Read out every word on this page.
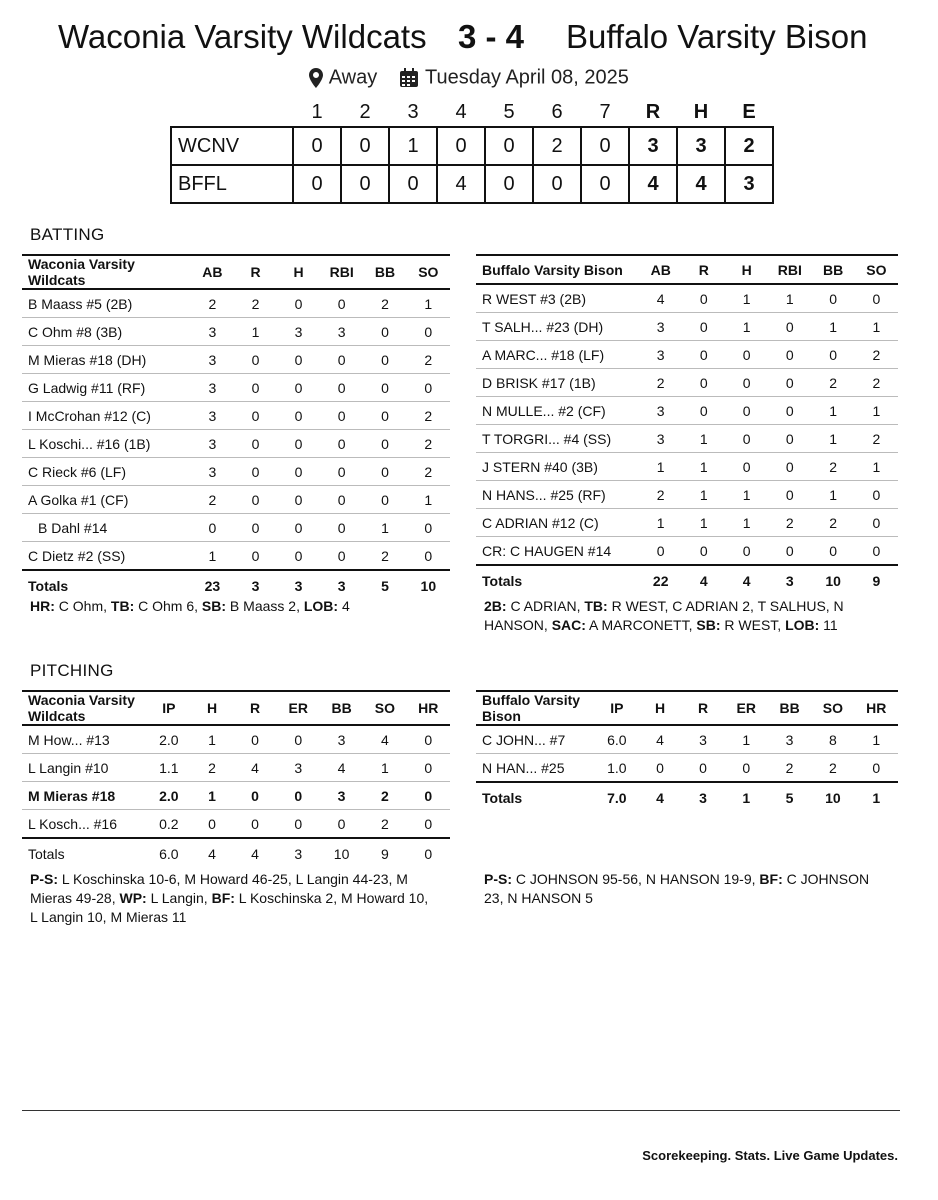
Waconia Varsity Wildcats 3 - 4 Buffalo Varsity Bison
Away Tuesday April 08, 2025
	1	2	3	4	5	6	7	R	H	E
WCNV	0	0	1	0	0	2	0	3	3	2
BFFL	0	0	0	4	0	0	0	4	4	3
BATTING
Waconia Varsity Wildcats	AB	R	H	RBI	BB	SO
B Maass #5 (2B)	2	2	0	0	2	1
C Ohm #8 (3B)	3	1	3	3	0	0
M Mieras #18 (DH)	3	0	0	0	0	2
G Ladwig #11 (RF)	3	0	0	0	0	0
I McCrohan #12 (C)	3	0	0	0	0	2
L Koschi... #16 (1B)	3	0	0	0	0	2
C Rieck #6 (LF)	3	0	0	0	0	2
A Golka #1 (CF)	2	0	0	0	0	1
B Dahl #14	0	0	0	0	1	0
C Dietz #2 (SS)	1	0	0	0	2	0
Totals	23	3	3	3	5	10
Buffalo Varsity Bison	AB	R	H	RBI	BB	SO
R WEST #3 (2B)	4	0	1	1	0	0
T SALH... #23 (DH)	3	0	1	0	1	1
A MARC... #18 (LF)	3	0	0	0	0	2
D BRISK #17 (1B)	2	0	0	0	2	2
N MULLE... #2 (CF)	3	0	0	0	1	1
T TORGRI... #4 (SS)	3	1	0	0	1	2
J STERN #40 (3B)	1	1	0	0	2	1
N HANS... #25 (RF)	2	1	1	0	1	0
C ADRIAN #12 (C)	1	1	1	2	2	0
CR: C HAUGEN #14	0	0	0	0	0	0
Totals	22	4	4	3	10	9
HR: C Ohm, TB: C Ohm 6, SB: B Maass 2, LOB: 4	2B: C ADRIAN, TB: R WEST, C ADRIAN 2, T SALHUS, N HANSON, SAC: A MARCONETT, SB: R WEST, LOB: 11
PITCHING
Waconia Varsity Wildcats	IP	H	R	ER	BB	SO	HR
M How... #13	2.0	1	0	0	3	4	0
L Langin #10	1.1	2	4	3	4	1	0
M Mieras #18	2.0	1	0	0	3	2	0
L Kosch... #16	0.2	0	0	0	0	2	0
Totals	6.0	4	4	3	10	9	0
Buffalo Varsity Bison	IP	H	R	ER	BB	SO	HR
C JOHN... #7	6.0	4	3	1	3	8	1
N HAN... #25	1.0	0	0	0	2	2	0
Totals	7.0	4	3	1	5	10	1
P-S: L Koschinska 10-6, M Howard 46-25, L Langin 44-23, M Mieras 49-28, WP: L Langin, BF: L Koschinska 2, M Howard 10, L Langin 10, M Mieras 11
P-S: C JOHNSON 95-56, N HANSON 19-9, BF: C JOHNSON 23, N HANSON 5
Scorekeeping. Stats. Live Game Updates.
